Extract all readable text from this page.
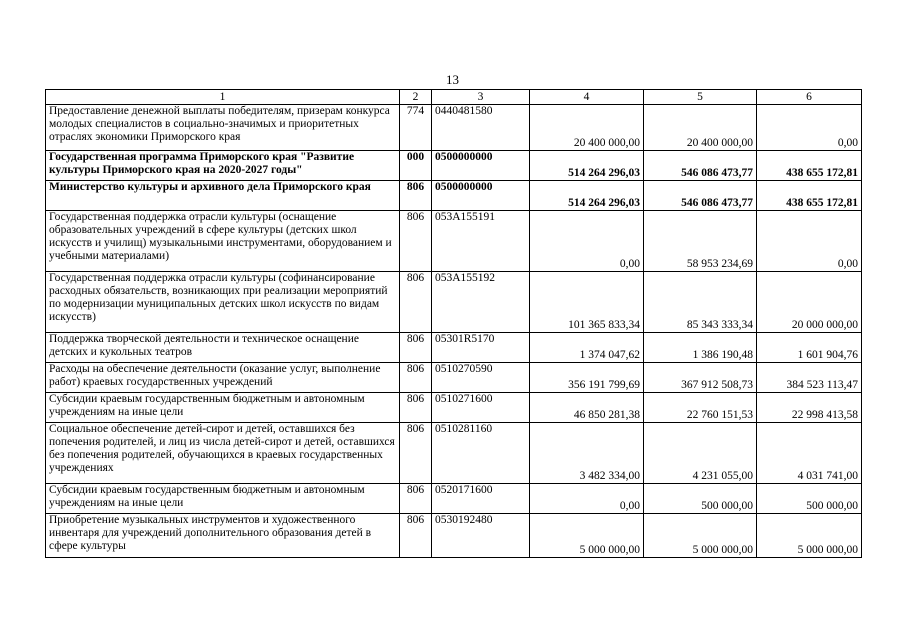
13
1	2	3	4	5	6
Предоставление денежной выплаты победителям, призерам конкурса молодых специалистов в социально-значимых и приоритетных отраслях экономики Приморского края	774	0440481580	20 400 000,00	20 400 000,00	0,00
Государственная программа Приморского края "Развитие культуры Приморского края на 2020-2027 годы"	000	0500000000	514 264 296,03	546 086 473,77	438 655 172,81
Министерство культуры и архивного дела Приморского края	806	0500000000	514 264 296,03	546 086 473,77	438 655 172,81
Государственная поддержка отрасли культуры (оснащение образовательных учреждений в сфере культуры (детских школ искусств и училищ) музыкальными инструментами, оборудованием и учебными материалами)	806	053A155191	0,00	58 953 234,69	0,00
Государственная поддержка отрасли культуры (софинансирование расходных обязательств, возникающих при реализации мероприятий по модернизации муниципальных детских школ искусств по видам искусств)	806	053A155192	101 365 833,34	85 343 333,34	20 000 000,00
Поддержка творческой деятельности и техническое оснащение детских и кукольных театров	806	05301R5170	1 374 047,62	1 386 190,48	1 601 904,76
Расходы на обеспечение деятельности (оказание услуг, выполнение работ) краевых государственных учреждений	806	0510270590	356 191 799,69	367 912 508,73	384 523 113,47
Субсидии краевым государственным бюджетным и автономным учреждениям на иные цели	806	0510271600	46 850 281,38	22 760 151,53	22 998 413,58
Социальное обеспечение детей-сирот и детей, оставшихся без попечения родителей, и лиц из числа детей-сирот и детей, оставшихся без попечения родителей, обучающихся в краевых государственных учреждениях	806	0510281160	3 482 334,00	4 231 055,00	4 031 741,00
Субсидии краевым государственным бюджетным и автономным учреждениям на иные цели	806	0520171600	0,00	500 000,00	500 000,00
Приобретение музыкальных инструментов и художественного инвентаря для учреждений дополнительного образования детей в сфере культуры	806	0530192480	5 000 000,00	5 000 000,00	5 000 000,00
